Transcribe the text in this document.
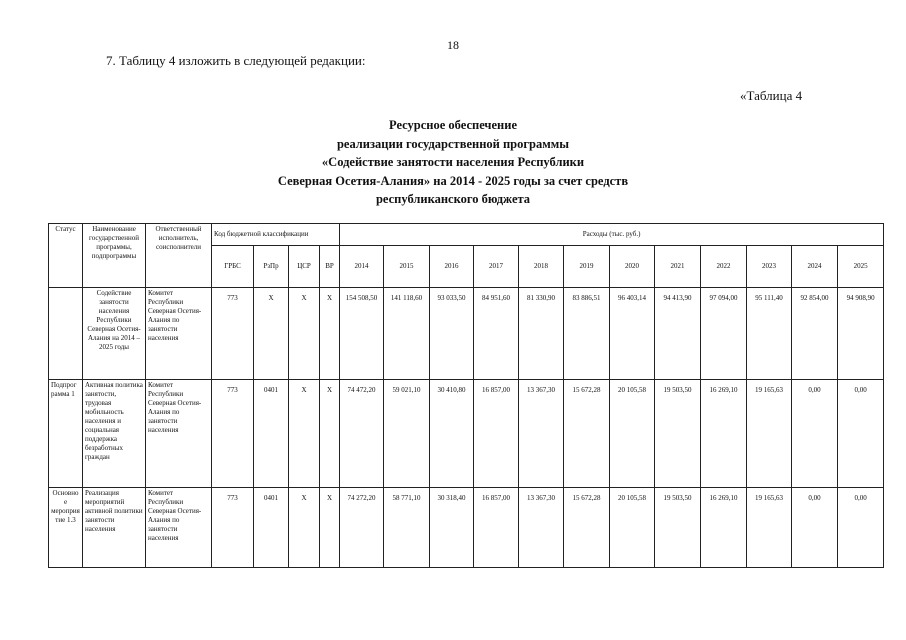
18
7. Таблицу 4 изложить в следующей редакции:
«Таблица 4
Ресурсное обеспечение
реализации государственной программы
«Содействие занятости населения Республики
Северная Осетия-Алания» на 2014 - 2025 годы за счет средств
республиканского бюджета
Статус	Наименование государственной программы, подпрограммы	Ответственный исполнитель, соисполнители	Код бюджетной классификации				Расходы (тыс. руб.)											
			ГРБС	РзПр	ЦСР	ВР	2014	2015	2016	2017	2018	2019	2020	2021	2022	2023	2024	2025
	Содействие занятости населения Республики Северная Осетия-Алания на 2014 – 2025 годы	Комитет Республики Северная Осетия-Алания по занятости населения	773	Х	Х	Х	154 508,50	141 118,60	93 033,50	84 951,60	81 330,90	83 886,51	96 403,14	94 413,90	97 094,00	95 111,40	92 854,00	94 908,90
Подпрограмма 1	Активная политика занятости, трудовая мобильность населения и социальная поддержка безработных граждан	Комитет Республики Северная Осетия-Алания по занятости населения	773	0401	Х	Х	74 472,20	59 021,10	30 410,80	16 857,00	13 367,30	15 672,28	20 105,58	19 503,50	16 269,10	19 165,63	0,00	0,00
Основное мероприятие 1.3	Реализация мероприятий активной политики занятости населения	Комитет Республики Северная Осетия-Алания по занятости населения	773	0401	Х	Х	74 272,20	58 771,10	30 318,40	16 857,00	13 367,30	15 672,28	20 105,58	19 503,50	16 269,10	19 165,63	0,00	0,00
